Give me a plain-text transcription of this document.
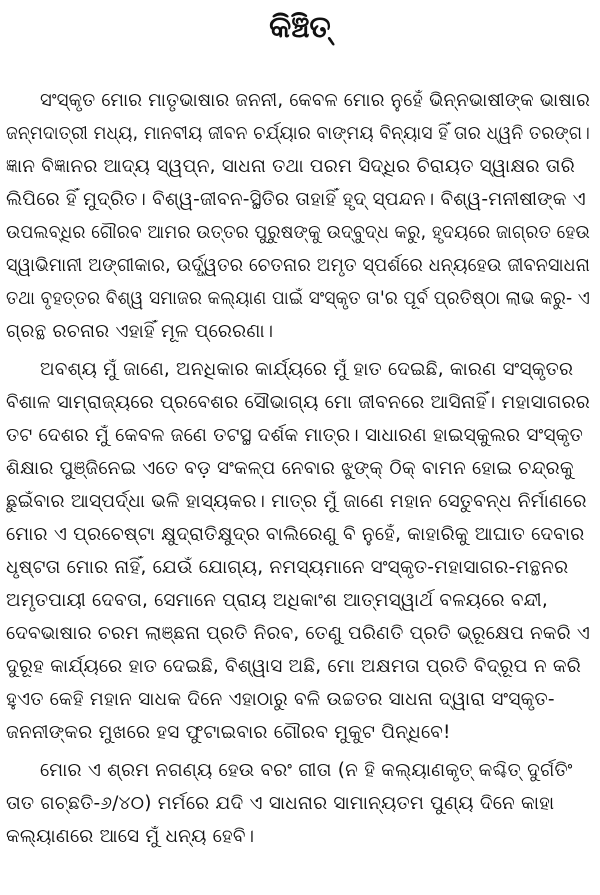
କିଞ୍ଚିତ୍
ସଂସ୍କୃତ ମୋର ମାତୃଭାଷାର ଜନନୀ, କେବଳ ମୋର ନୁହେଁ ଭିନ୍ନଭାଷୀଙ୍କ ଭାଷାର
ଜନ୍ମଦାତ୍ରୀ ମଧ୍ୟ, ମାନବୀୟ ଜୀବନ ଚର୍ଯ୍ୟାର ବାଙ୍ମୟ ବିନ୍ୟାସ ହିଁ ତାର ଧ୍ୱନି ତରଙ୍ଗ।
ଜ୍ଞାନ ବିଜ୍ଞାନର ଆଦ୍ୟ ସ୍ୱପ୍ନ, ସାଧନା ତଥା ପରମ ସିଦ୍ଧିର ଚିରାୟତ ସ୍ୱାକ୍ଷର ତାରି
ଲିପିରେ ହିଁ ମୁଦ୍ରିତ। ବିଶ୍ୱ-ଜୀବନ-ସ୍ଥିତିର ତାହାହିଁ ହୃଦ୍ ସ୍ପନ୍ଦନ। ବିଶ୍ୱ-ମନୀଷୀଙ୍କ ଏ
ଉପଲବ୍ଧିର ଗୌରବ ଆମର ଉତ୍ତର ପୁରୁଷଙ୍କୁ ଉଦ୍‌ବୁଦ୍ଧ କରୁ, ହୃଦୟରେ ଜାଗ୍ରତ ହେଉ
ସ୍ୱାଭିମାନୀ ଅଙ୍ଗୀକାର, ଉର୍ଦ୍ଧ୍ୱତର ଚେତନାର ଅମୃତ ସ୍ପର୍ଶରେ ଧନ୍ୟହେଉ ଜୀବନସାଧନା
ତଥା ବୃହତ୍ତର ବିଶ୍ୱ ସମାଜର କଲ୍ୟାଣ ପାଇଁ ସଂସ୍କୃତ ତା'ର ପୂର୍ବ ପ୍ରତିଷ୍ଠା ଲାଭ କରୁ- ଏ
ଗ୍ରନ୍ଥ ରଚନାର ଏହାହିଁ ମୂଳ ପ୍ରେରଣା।
ଅବଶ୍ୟ ମୁଁ ଜାଣେ, ଅନଧିକାର କାର୍ଯ୍ୟରେ ମୁଁ ହାତ ଦେଇଛି, କାରଣ ସଂସ୍କୃତର
ବିଶାଳ ସାମ୍ରାଜ୍ୟରେ ପ୍ରବେଶର ସୌଭାଗ୍ୟ ମୋ ଜୀବନରେ ଆସିନାହିଁ। ମହାସାଗରର
ତଟ ଦେଶର ମୁଁ କେବଳ ଜଣେ ତଟସ୍ଥ ଦର୍ଶକ ମାତ୍ର। ସାଧାରଣ ହାଇସ୍କୁଲର ସଂସ୍କୃତ
ଶିକ୍ଷାର ପୁଞ୍ଜିନେଇ ଏତେ ବଡ଼ ସଂକଳ୍ପ ନେବାର ଝୁଙ୍କ୍ ଠିକ୍ ବାମନ ହୋଇ ଚନ୍ଦ୍ରକୁ
ଛୁଇଁବାର ଆସ୍ପର୍ଦ୍ଧା ଭଳି ହାସ୍ୟକର। ମାତ୍ର ମୁଁ ଜାଣେ ମହାନ ସେତୁବନ୍ଧ ନିର୍ମାଣରେ
ମୋର ଏ ପ୍ରଚେଷ୍ଟା କ୍ଷୁଦ୍ରାତିକ୍ଷୁଦ୍ର ବାଲିରେଣୁ ବି ନୁହେଁ, କାହାରିକୁ ଆଘାତ ଦେବାର
ଧୃଷ୍ଟତା ମୋର ନାହିଁ, ଯେଉଁ ଯୋଗ୍ୟ, ନମସ୍ୟମାନେ ସଂସ୍କୃତ-ମହାସାଗର-ମନ୍ଥନର
ଅମୃତପାୟୀ ଦେବତା, ସେମାନେ ପ୍ରାୟ ଅଧିକାଂଶ ଆତ୍ମସ୍ୱାର୍ଥ ବଳୟରେ ବନ୍ଦୀ,
ଦେବଭାଷାର ଚରମ ଲାଞ୍ଛନା ପ୍ରତି ନିରବ, ତେଣୁ ପରିଣତି ପ୍ରତି ଭ୍ରୂକ୍ଷେପ ନକରି ଏ
ଦୁରୂହ କାର୍ଯ୍ୟରେ ହାତ ଦେଇଛି, ବିଶ୍ୱାସ ଅଛି, ମୋ ଅକ୍ଷମତା ପ୍ରତି ବିଦ୍ରୂପ ନ କରି
ହୁଏତ କେହି ମହାନ ସାଧକ ଦିନେ ଏହାଠାରୁ ବଳି ଉଚ୍ଚତର ସାଧନା ଦ୍ୱାରା ସଂସ୍କୃତ-
ଜନନୀଙ୍କର ମୁଖରେ ହସ ଫୁଟାଇବାର ଗୌରବ ମୁକୁଟ ପିନ୍ଧିବେ!
ମୋର ଏ ଶ୍ରମ ନଗଣ୍ୟ ହେଉ ବରଂ ଗୀତା (ନ ହି କଲ୍ୟାଣକୃତ୍ କଶ୍ଚିତ୍ ଦୁର୍ଗତିଂ
ତାତ ଗଚ୍ଛତି-୬/୪୦) ମର୍ମରେ ଯଦି ଏ ସାଧନାର ସାମାନ୍ୟତମ ପୁଣ୍ୟ ଦିନେ କାହା
କଲ୍ୟାଣରେ ଆସେ ମୁଁ ଧନ୍ୟ ହେବି।
